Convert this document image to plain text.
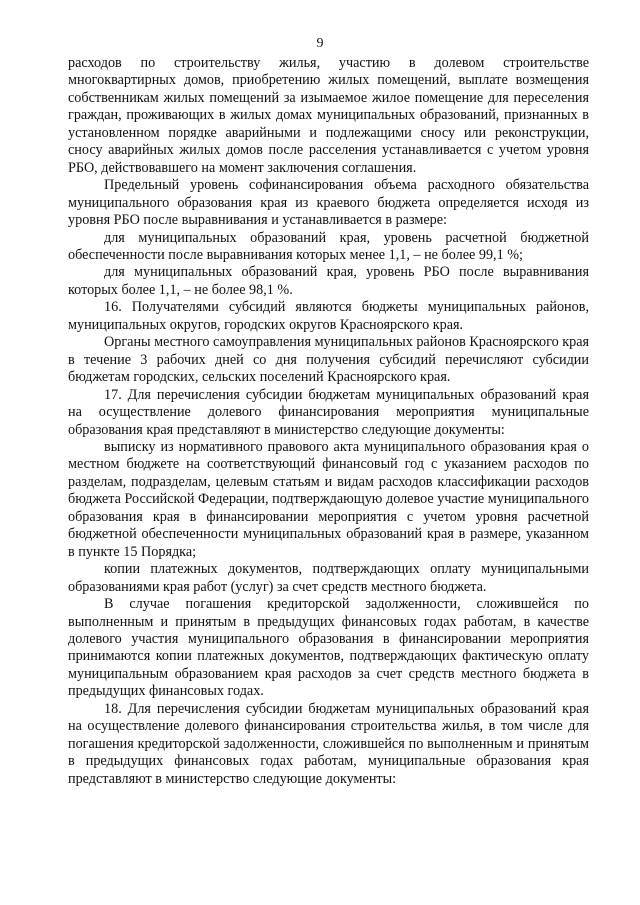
9

расходов по строительству жилья, участию в долевом строительстве многоквартирных домов, приобретению жилых помещений, выплате возмещения собственникам жилых помещений за изымаемое жилое помещение для переселения граждан, проживающих в жилых домах муниципальных образований, признанных в установленном порядке аварийными и подлежащими сносу или реконструкции, сносу аварийных жилых домов после расселения устанавливается с учетом уровня РБО, действовавшего на момент заключения соглашения.

Предельный уровень софинансирования объема расходного обязательства муниципального образования края из краевого бюджета определяется исходя из уровня РБО после выравнивания и устанавливается в размере:

для муниципальных образований края, уровень расчетной бюджетной обеспеченности после выравнивания которых менее 1,1, – не более 99,1 %;

для муниципальных образований края, уровень РБО после выравнивания которых более 1,1, – не более 98,1 %.

16. Получателями субсидий являются бюджеты муниципальных районов, муниципальных округов, городских округов Красноярского края.

Органы местного самоуправления муниципальных районов Красноярского края в течение 3 рабочих дней со дня получения субсидий перечисляют субсидии бюджетам городских, сельских поселений Красноярского края.

17. Для перечисления субсидии бюджетам муниципальных образований края на осуществление долевого финансирования мероприятия муниципальные образования края представляют в министерство следующие документы:

выписку из нормативного правового акта муниципального образования края о местном бюджете на соответствующий финансовый год с указанием расходов по разделам, подразделам, целевым статьям и видам расходов классификации расходов бюджета Российской Федерации, подтверждающую долевое участие муниципального образования края в финансировании мероприятия с учетом уровня расчетной бюджетной обеспеченности муниципальных образований края в размере, указанном в пункте 15 Порядка;

копии платежных документов, подтверждающих оплату муниципальными образованиями края работ (услуг) за счет средств местного бюджета.

В случае погашения кредиторской задолженности, сложившейся по выполненным и принятым в предыдущих финансовых годах работам, в качестве долевого участия муниципального образования в финансировании мероприятия принимаются копии платежных документов, подтверждающих фактическую оплату муниципальным образованием края расходов за счет средств местного бюджета в предыдущих финансовых годах.

18. Для перечисления субсидии бюджетам муниципальных образований края на осуществление долевого финансирования строительства жилья, в том числе для погашения кредиторской задолженности, сложившейся по выполненным и принятым в предыдущих финансовых годах работам, муниципальные образования края представляют в министерство следующие документы:
